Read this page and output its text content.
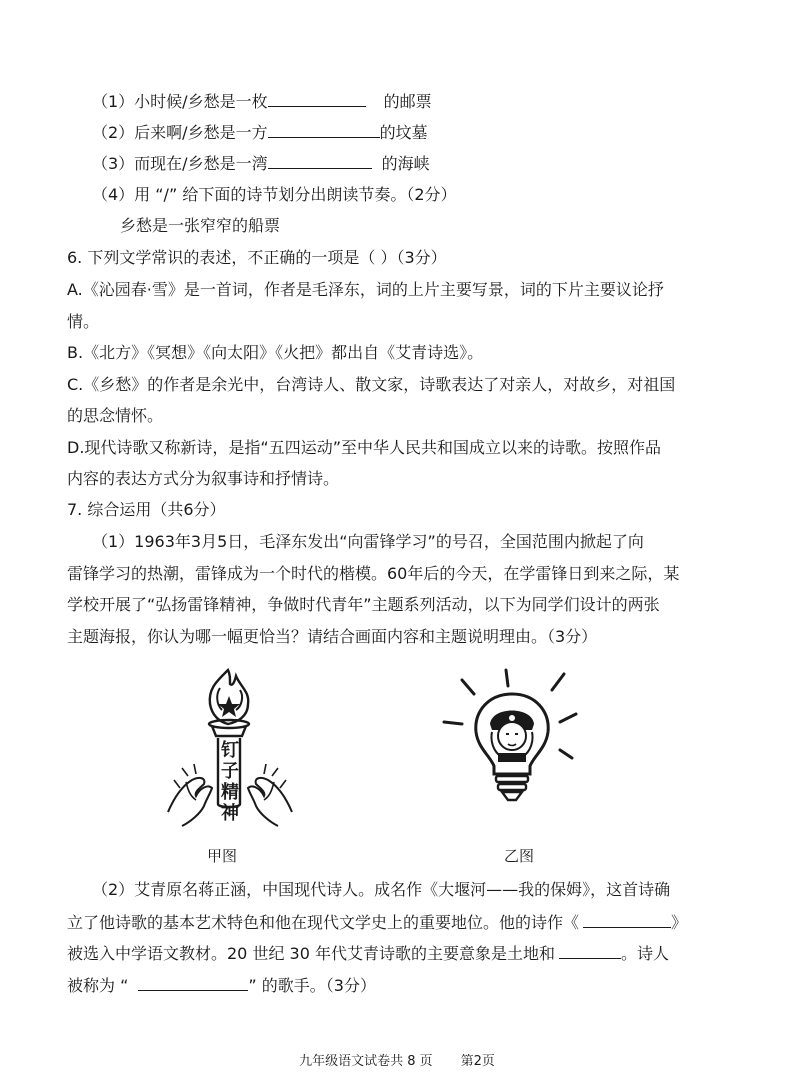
（1）小时候/乡愁是一枚	的邮票
（2）后来啊/乡愁是一方	的坟墓
（3）而现在/乡愁是一湾	的海峡
（4）用 “/” 给下面的诗节划分出朗读节奏。（2分）
乡愁是一张窄窄的船票
6. 下列文学常识的表述，不正确的一项是（ ）（3分）
A.《沁园春·雪》是一首词，作者是毛泽东，词的上片主要写景，词的下片主要议论抒
情。
B.《北方》《冥想》《向太阳》《火把》都出自《艾青诗选》。
C.《乡愁》的作者是余光中，台湾诗人、散文家，诗歌表达了对亲人，对故乡，对祖国
的思念情怀。
D.现代诗歌又称新诗，是指“五四运动”至中华人民共和国成立以来的诗歌。按照作品
内容的表达方式分为叙事诗和抒情诗。
7. 综合运用（共6分）
（1）1963年3月5日，毛泽东发出“向雷锋学习”的号召，全国范围内掀起了向
雷锋学习的热潮，雷锋成为一个时代的楷模。60年后的今天，在学雷锋日到来之际，某
学校开展了“弘扬雷锋精神，争做时代青年”主题系列活动，以下为同学们设计的两张
主题海报，你认为哪一幅更恰当？请结合画面内容和主题说明理由。（3分）
钉
子
精
神
甲图	乙图
（2）艾青原名蒋正涵，中国现代诗人。成名作《大堰河——我的保姆》，这首诗确
立了他诗歌的基本艺术特色和他在现代文学史上的重要地位。他的诗作《	》
被选入中学语文教材。20 世纪 30 年代艾青诗歌的主要意象是土地和	。诗人
被称为 “	” 的歌手。（3分）
九年级语文试卷共 8 页 第2页
